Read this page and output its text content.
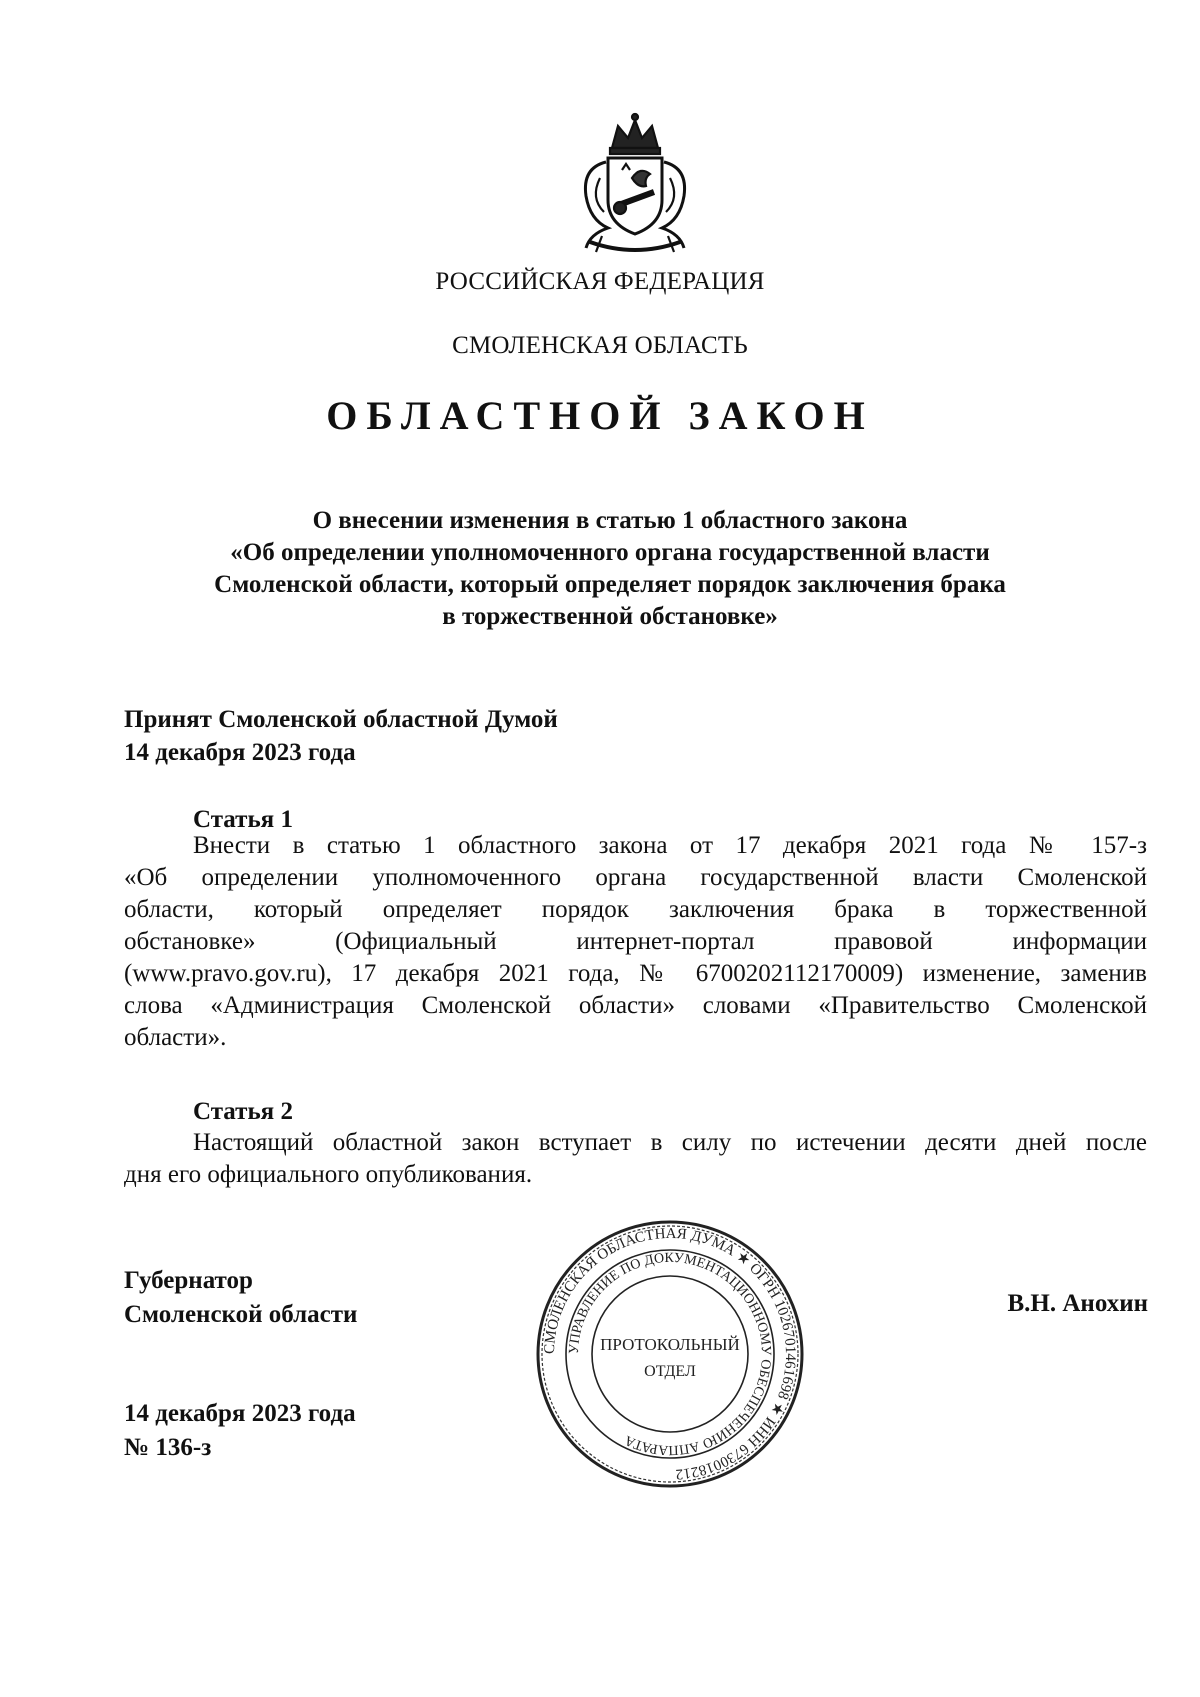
РОССИЙСКАЯ ФЕДЕРАЦИЯ
СМОЛЕНСКАЯ ОБЛАСТЬ
ОБЛАСТНОЙ ЗАКОН
О внесении изменения в статью 1 областного закона
«Об определении уполномоченного органа государственной власти
Смоленской области, который определяет порядок заключения брака
в торжественной обстановке»
Принят Смоленской областной Думой
14 декабря 2023 года
Статья 1
Внести в статью 1 областного закона от 17 декабря 2021 года № 157-з
«Об определении уполномоченного органа государственной власти Смоленской
области, который определяет порядок заключения брака в торжественной
обстановке» (Официальный интернет-портал правовой информации
(www.pravo.gov.ru), 17 декабря 2021 года, № 6700202112170009) изменение, заменив
слова «Администрация Смоленской области» словами «Правительство Смоленской
области».
Статья 2
Настоящий областной закон вступает в силу по истечении десяти дней после
дня его официального опубликования.
Губернатор
Смоленской области	В.Н. Анохин
14 декабря 2023 года
№ 136-з
СМОЛЕНСКАЯ ОБЛАСТНАЯ ДУМА ★ ОГРН 1026701461698 ★ ИНН 6730018212
УПРАВЛЕНИЕ ПО ДОКУМЕНТАЦИОННОМУ ОБЕСПЕЧЕНИЮ АППАРАТА
ПРОТОКОЛЬНЫЙ
ОТДЕЛ
